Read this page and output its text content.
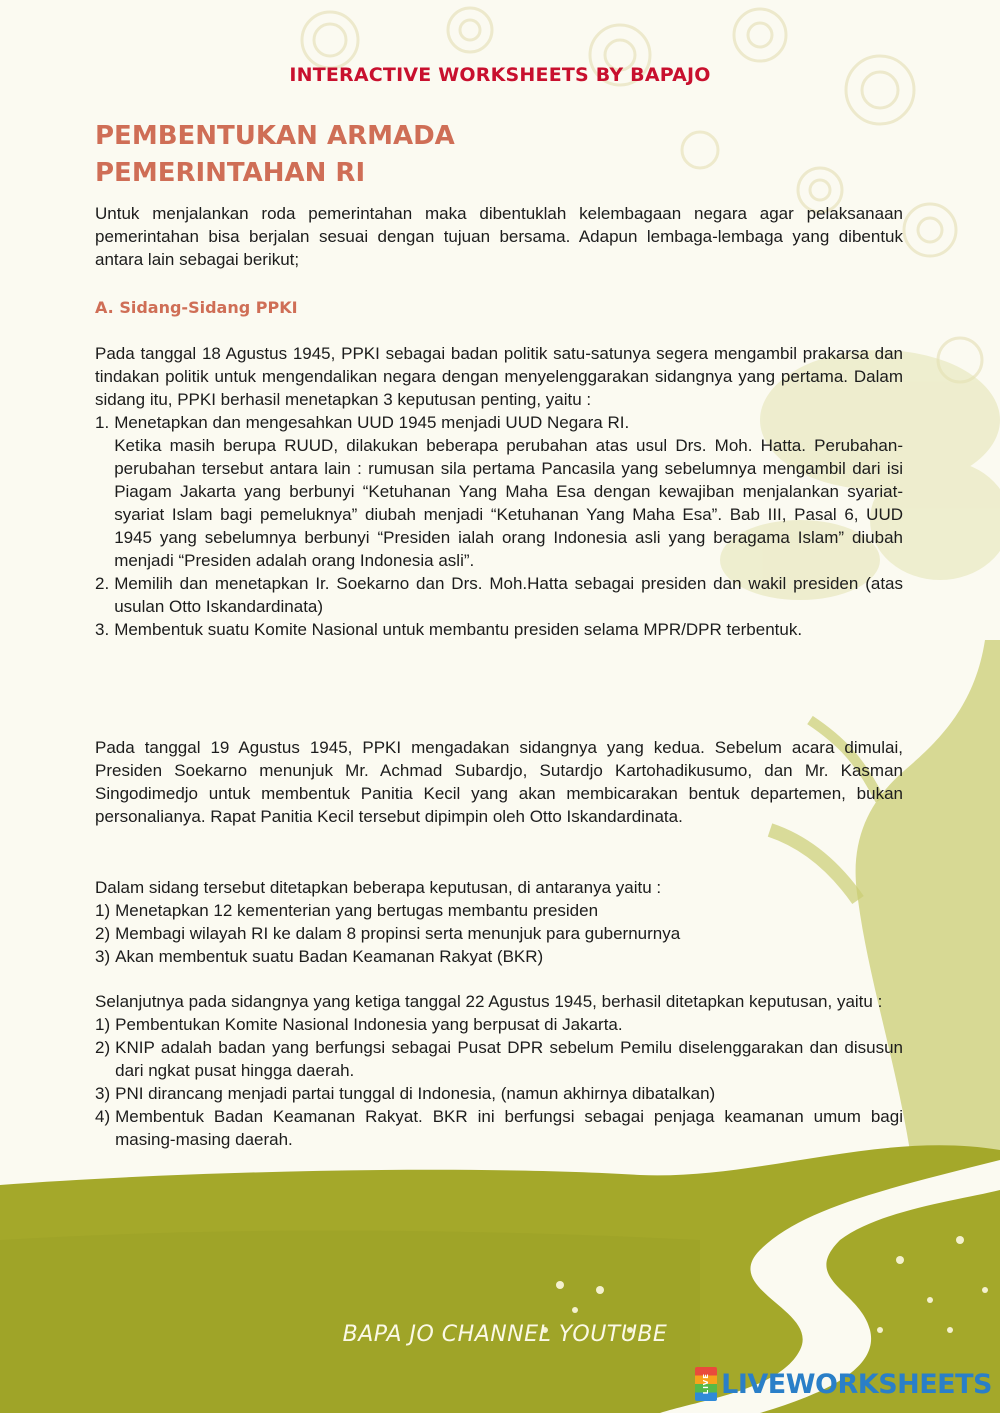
INTERACTIVE WORKSHEETS BY BAPAJO
PEMBENTUKAN ARMADA
PEMERINTAHAN RI

Untuk menjalankan roda pemerintahan maka dibentuklah kelembagaan negara agar pelaksanaan pemerintahan bisa berjalan sesuai dengan tujuan bersama. Adapun lembaga-lembaga yang dibentuk antara lain sebagai berikut;

A. Sidang-Sidang PPKI

Pada tanggal 18 Agustus 1945, PPKI sebagai badan politik satu-satunya segera mengambil prakarsa dan tindakan politik untuk mengendalikan negara dengan menyelenggarakan sidangnya yang pertama. Dalam sidang itu, PPKI berhasil menetapkan 3 keputusan penting, yaitu :

1. Menetapkan dan mengesahkan UUD 1945 menjadi UUD Negara RI.
Ketika masih berupa RUUD, dilakukan beberapa perubahan atas usul Drs. Moh. Hatta. Perubahan-perubahan tersebut antara lain : rumusan sila pertama Pancasila yang sebelumnya mengambil dari isi Piagam Jakarta yang berbunyi “Ketuhanan Yang Maha Esa dengan kewajiban menjalankan syariat-syariat Islam bagi pemeluknya” diubah menjadi “Ketuhanan Yang Maha Esa”. Bab III, Pasal 6, UUD 1945 yang sebelumnya berbunyi “Presiden ialah orang Indonesia asli yang beragama Islam” diubah menjadi “Presiden adalah orang Indonesia asli”.
2. Memilih dan menetapkan Ir. Soekarno dan Drs. Moh.Hatta sebagai presiden dan wakil presiden (atas usulan Otto Iskandardinata)
3. Membentuk suatu Komite Nasional untuk membantu presiden selama MPR/DPR terbentuk.

Pada tanggal 19 Agustus 1945, PPKI mengadakan sidangnya yang kedua. Sebelum acara dimulai, Presiden Soekarno menunjuk Mr. Achmad Subardjo, Sutardjo Kartohadikusumo, dan Mr. Kasman Singodimedjo untuk membentuk Panitia Kecil yang akan membicarakan bentuk departemen, bukan personalianya. Rapat Panitia Kecil tersebut dipimpin oleh Otto Iskandardinata.

Dalam sidang tersebut ditetapkan beberapa keputusan, di antaranya yaitu :

1) Menetapkan 12 kementerian yang bertugas membantu presiden
2) Membagi wilayah RI ke dalam 8 propinsi serta menunjuk para gubernurnya
3) Akan membentuk suatu Badan Keamanan Rakyat (BKR)

Selanjutnya pada sidangnya yang ketiga tanggal 22 Agustus 1945, berhasil ditetapkan keputusan, yaitu :

1) Pembentukan Komite Nasional Indonesia yang berpusat di Jakarta.
2) KNIP adalah badan yang berfungsi sebagai Pusat DPR sebelum Pemilu diselenggarakan dan disusun dari ngkat pusat hingga daerah.
3) PNI dirancang menjadi partai tunggal di Indonesia, (namun akhirnya dibatalkan)
4) Membentuk Badan Keamanan Rakyat. BKR ini berfungsi sebagai penjaga keamanan umum bagi masing-masing daerah.
BAPA JO CHANNEL YOUTUBE
LIVE LIVEWORKSHEETS
